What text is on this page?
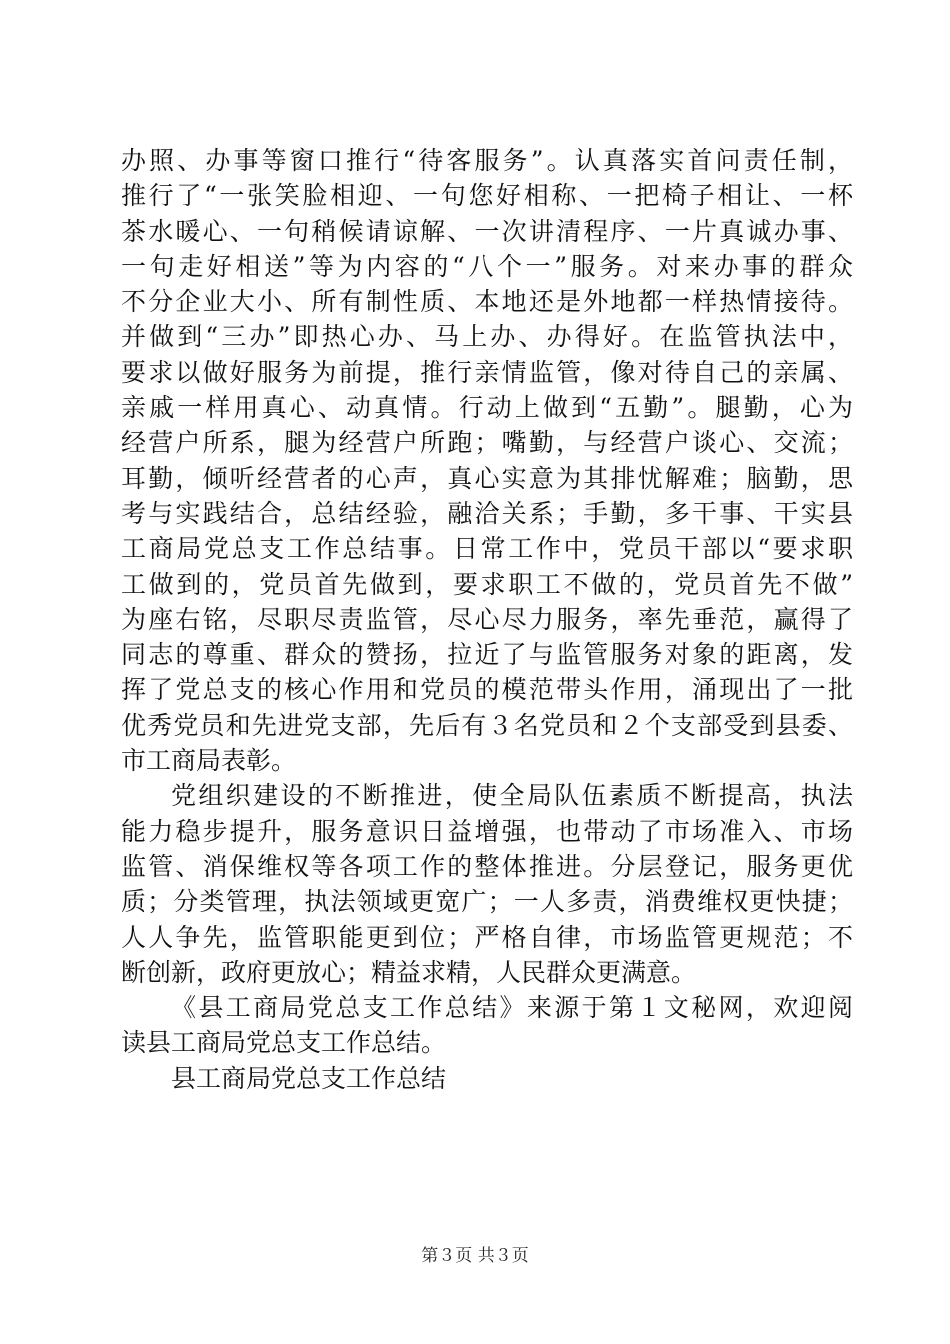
办照、办事等窗口推行“待客服务”。认真落实首问责任制，
推行了“一张笑脸相迎、一句您好相称、一把椅子相让、一杯
茶水暖心、一句稍候请谅解、一次讲清程序、一片真诚办事、
一句走好相送”等为内容的“八个一”服务。对来办事的群众
不分企业大小、所有制性质、本地还是外地都一样热情接待。
并做到“三办”即热心办、马上办、办得好。在监管执法中，
要求以做好服务为前提，推行亲情监管，像对待自己的亲属、
亲戚一样用真心、动真情。行动上做到“五勤”。腿勤，心为
经营户所系，腿为经营户所跑；嘴勤，与经营户谈心、交流；
耳勤，倾听经营者的心声，真心实意为其排忧解难；脑勤，思
考与实践结合，总结经验，融洽关系；手勤，多干事、干实县
工商局党总支工作总结事。日常工作中，党员干部以“要求职
工做到的，党员首先做到，要求职工不做的，党员首先不做”
为座右铭，尽职尽责监管，尽心尽力服务，率先垂范，赢得了
同志的尊重、群众的赞扬，拉近了与监管服务对象的距离，发
挥了党总支的核心作用和党员的模范带头作用，涌现出了一批
优秀党员和先进党支部，先后有３名党员和２个支部受到县委、
市工商局表彰。
党组织建设的不断推进，使全局队伍素质不断提高，执法
能力稳步提升，服务意识日益增强，也带动了市场准入、市场
监管、消保维权等各项工作的整体推进。分层登记，服务更优
质；分类管理，执法领域更宽广；一人多责，消费维权更快捷；
人人争先，监管职能更到位；严格自律，市场监管更规范；不
断创新，政府更放心；精益求精，人民群众更满意。
《县工商局党总支工作总结》来源于第１文秘网，欢迎阅
读县工商局党总支工作总结。
县工商局党总支工作总结
第３页 共３页
